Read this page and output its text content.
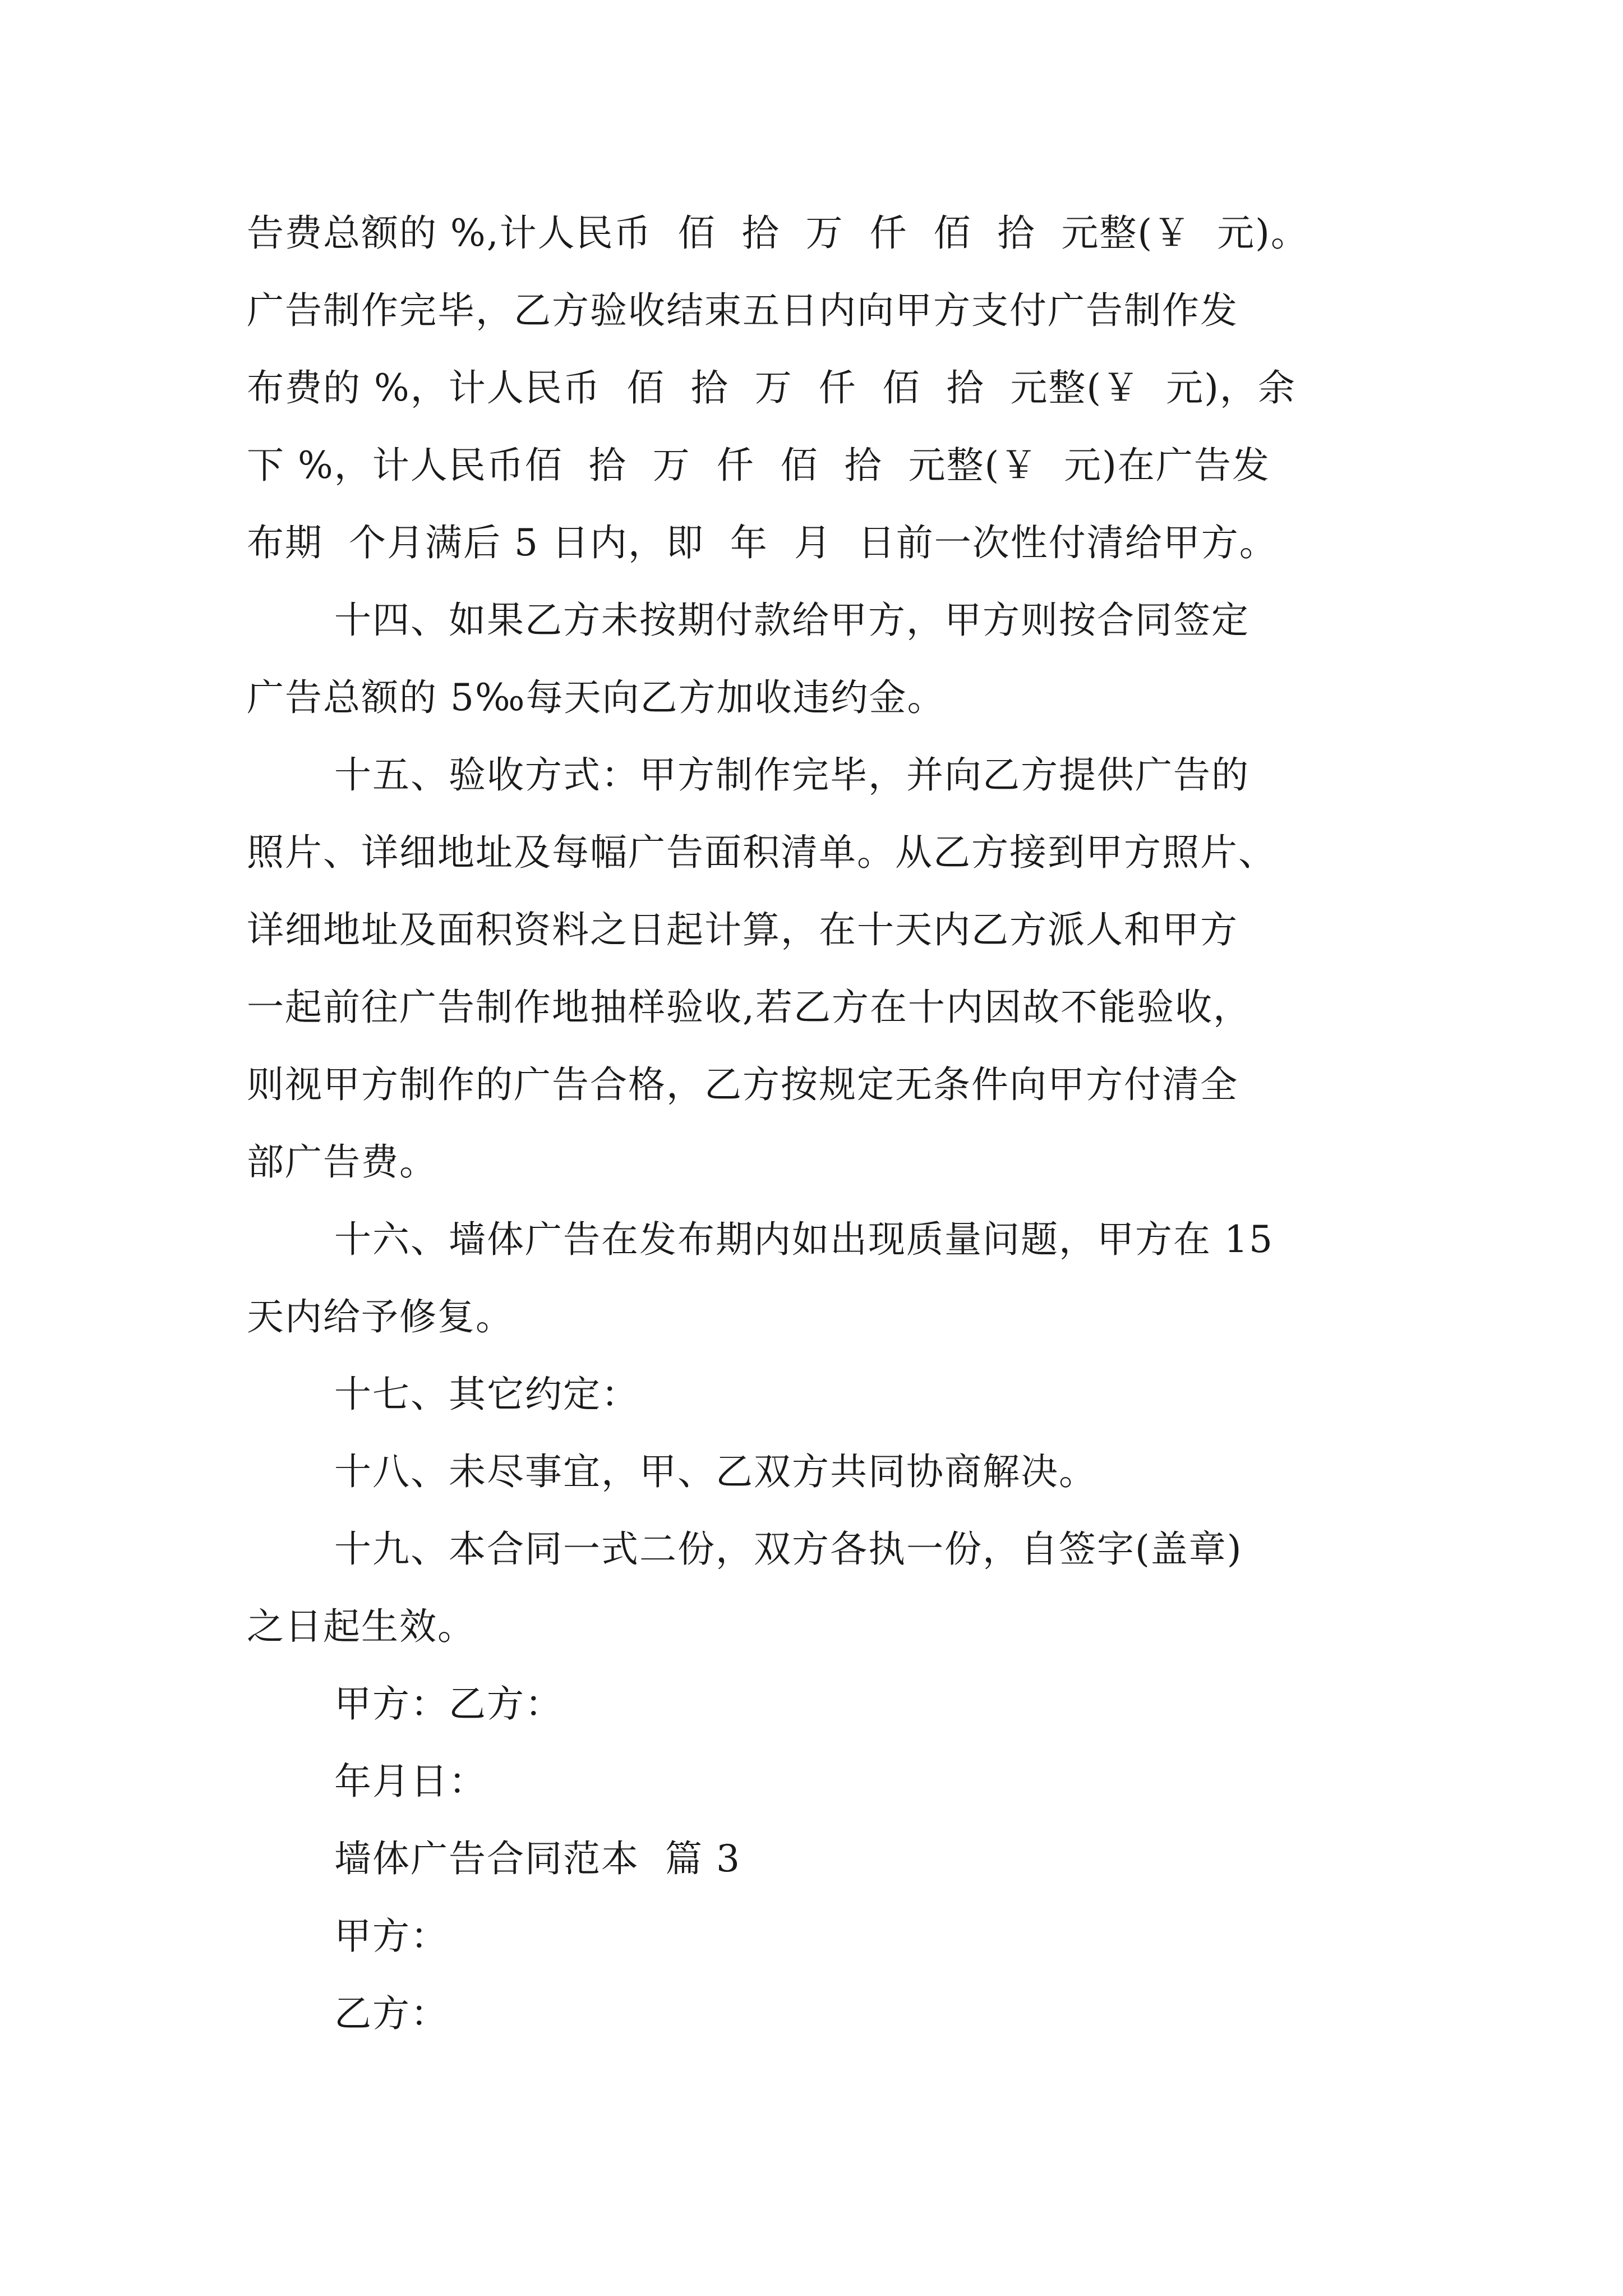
告费总额的 %,计人民币  佰  拾  万  仟  佰  拾  元整(￥  元)。
广告制作完毕，乙方验收结束五日内向甲方支付广告制作发
布费的 %，计人民币  佰  拾  万  仟  佰  拾  元整(￥  元)，余
下 %，计人民币佰  拾  万  仟  佰  拾  元整(￥  元)在广告发
布期  个月满后 5 日内，即  年  月  日前一次性付清给甲方。
十四、如果乙方未按期付款给甲方，甲方则按合同签定
广告总额的 5‰每天向乙方加收违约金。
十五、验收方式：甲方制作完毕，并向乙方提供广告的
照片、详细地址及每幅广告面积清单。从乙方接到甲方照片、
详细地址及面积资料之日起计算，在十天内乙方派人和甲方
一起前往广告制作地抽样验收,若乙方在十内因故不能验收，
则视甲方制作的广告合格，乙方按规定无条件向甲方付清全
部广告费。
十六、墙体广告在发布期内如出现质量问题，甲方在 15
天内给予修复。
十七、其它约定：
十八、未尽事宜，甲、乙双方共同协商解决。
十九、本合同一式二份，双方各执一份，自签字(盖章)
之日起生效。
甲方：乙方：
年月日：
墙体广告合同范本  篇 3
甲方：
乙方：
